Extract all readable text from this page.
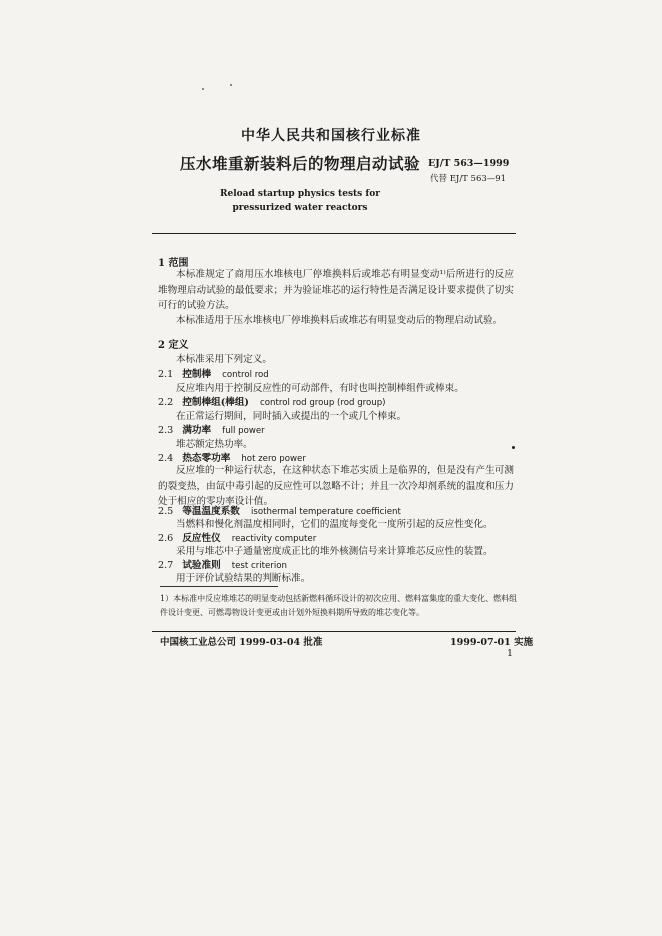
中华人民共和国核行业标准
压水堆重新装料后的物理启动试验 EJ/T 563—1999
代替 EJ/T 563—91
Reload startup physics tests for
pressurized water reactors
1 范围
本标准规定了商用压水堆核电厂停堆换料后或堆芯有明显变动¹⁾后所进行的反应堆物理启动试验的最低要求；并为验证堆芯的运行特性是否满足设计要求提供了切实可行的试验方法。
本标准适用于压水堆核电厂停堆换料后或堆芯有明显变动后的物理启动试验。
2 定义
本标准采用下列定义。
2.1 控制棒 control rod
反应堆内用于控制反应性的可动部件，有时也叫控制棒组件或棒束。
2.2 控制棒组(棒组) control rod group (rod group)
在正常运行期间，同时插入或提出的一个或几个棒束。
2.3 满功率 full power
堆芯额定热功率。
2.4 热态零功率 hot zero power
反应堆的一种运行状态，在这种状态下堆芯实质上是临界的，但是没有产生可测的裂变热，由氙中毒引起的反应性可以忽略不计；并且一次冷却剂系统的温度和压力处于相应的零功率设计值。
2.5 等温温度系数 isothermal temperature coefficient
当燃料和慢化剂温度相同时，它们的温度每变化一度所引起的反应性变化。
2.6 反应性仪 reactivity computer
采用与堆芯中子通量密度成正比的堆外核测信号来计算堆芯反应性的装置。
2.7 试验准则 test criterion
用于评价试验结果的判断标准。
1）本标准中反应堆堆芯的明显变动包括新燃料循环设计的初次应用、燃料富集度的重大变化、燃料组件设计变更、可燃毒物设计变更或由计划外短换料期所导致的堆芯变化等。
中国核工业总公司 1999-03-04 批准	1999-07-01 实施
1
